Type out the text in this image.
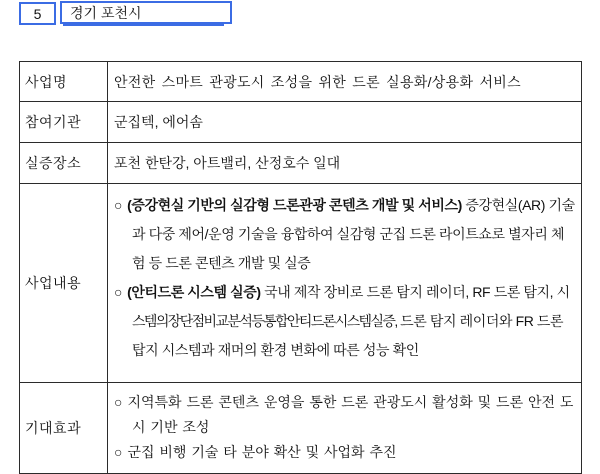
5 경기 포천시
사업명	안전한 스마트 관광도시 조성을 위한 드론 실용화/상용화 서비스
참여기관	군집텍, 에어솜
실증장소	포천 한탄강, 아트밸리, 산정호수 일대
사업내용	○ (증강현실 기반의 실감형 드론관광 콘텐츠 개발 및 서비스) 증강현실(AR) 기술과 다중 제어/운영 기술을 융합하여 실감형 군집 드론 라이트쇼로 별자리 체험 등 드론 콘텐츠 개발 및 실증
○ (안티드론 시스템 실증) 국내 제작 장비로 드론 탐지 레이더, RF 드론 탐지, 시스템의장단점비교분석등통합안티드론시스템실증, 드론 탐지 레이더와 FR 드론 탑지 시스템과 재머의 환경 변화에 따른 성능 확인

기대효과	○ 지역특화 드론 콘텐츠 운영을 통한 드론 관광도시 활성화 및 드론 안전 도시 기반 조성
○ 군집 비행 기술 타 분야 확산 및 사업화 추진
